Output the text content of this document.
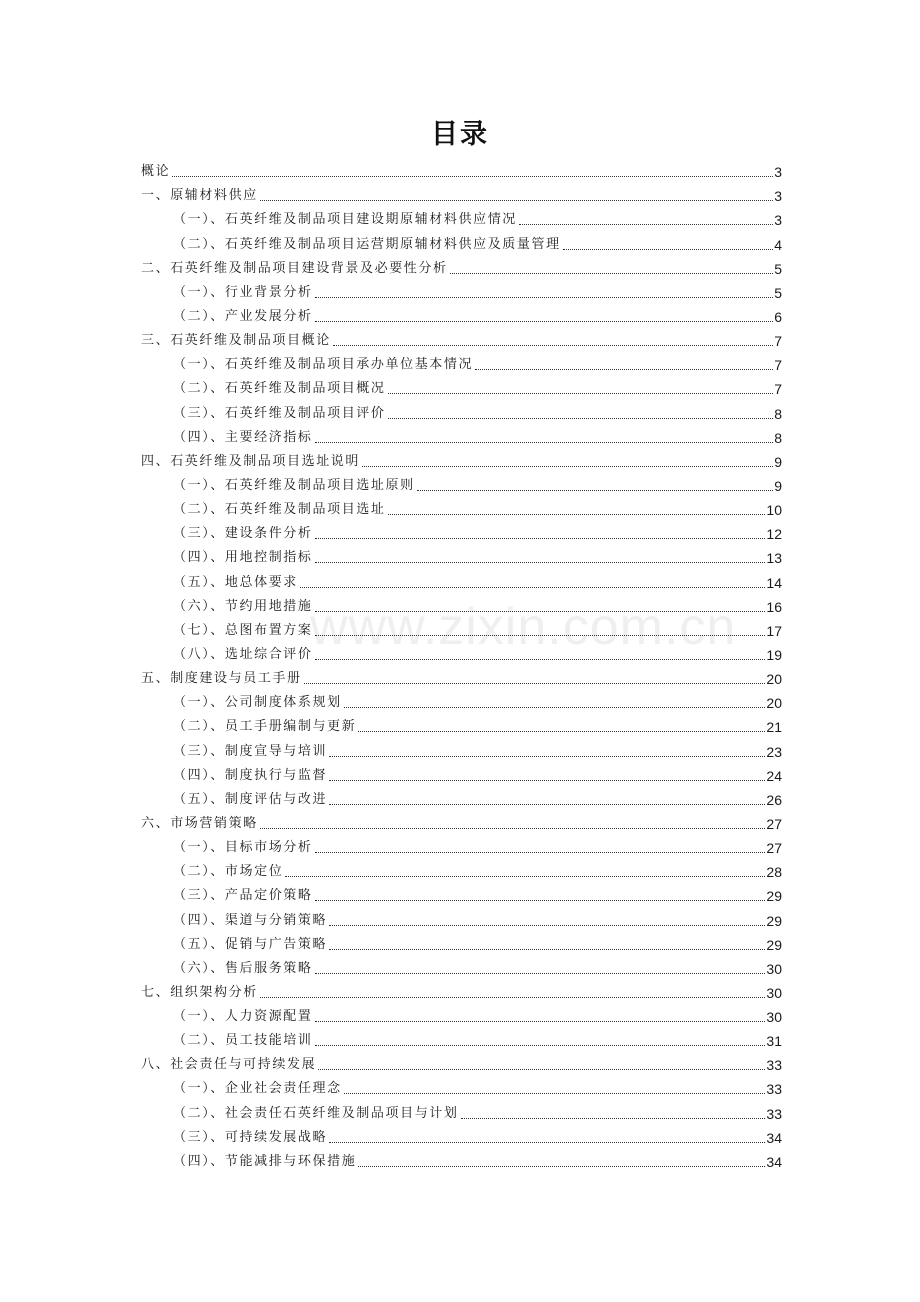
目录
www.zixin.com.cn
概论	3
一、原辅材料供应	3
（一）、石英纤维及制品项目建设期原辅材料供应情况	3
（二）、石英纤维及制品项目运营期原辅材料供应及质量管理	4
二、石英纤维及制品项目建设背景及必要性分析	5
（一）、行业背景分析	5
（二）、产业发展分析	6
三、石英纤维及制品项目概论	7
（一）、石英纤维及制品项目承办单位基本情况	7
（二）、石英纤维及制品项目概况	7
（三）、石英纤维及制品项目评价	8
（四）、主要经济指标	8
四、石英纤维及制品项目选址说明	9
（一）、石英纤维及制品项目选址原则	9
（二）、石英纤维及制品项目选址	10
（三）、建设条件分析	12
（四）、用地控制指标	13
（五）、地总体要求	14
（六）、节约用地措施	16
（七）、总图布置方案	17
（八）、选址综合评价	19
五、制度建设与员工手册	20
（一）、公司制度体系规划	20
（二）、员工手册编制与更新	21
（三）、制度宣导与培训	23
（四）、制度执行与监督	24
（五）、制度评估与改进	26
六、市场营销策略	27
（一）、目标市场分析	27
（二）、市场定位	28
（三）、产品定价策略	29
（四）、渠道与分销策略	29
（五）、促销与广告策略	29
（六）、售后服务策略	30
七、组织架构分析	30
（一）、人力资源配置	30
（二）、员工技能培训	31
八、社会责任与可持续发展	33
（一）、企业社会责任理念	33
（二）、社会责任石英纤维及制品项目与计划	33
（三）、可持续发展战略	34
（四）、节能减排与环保措施	34
